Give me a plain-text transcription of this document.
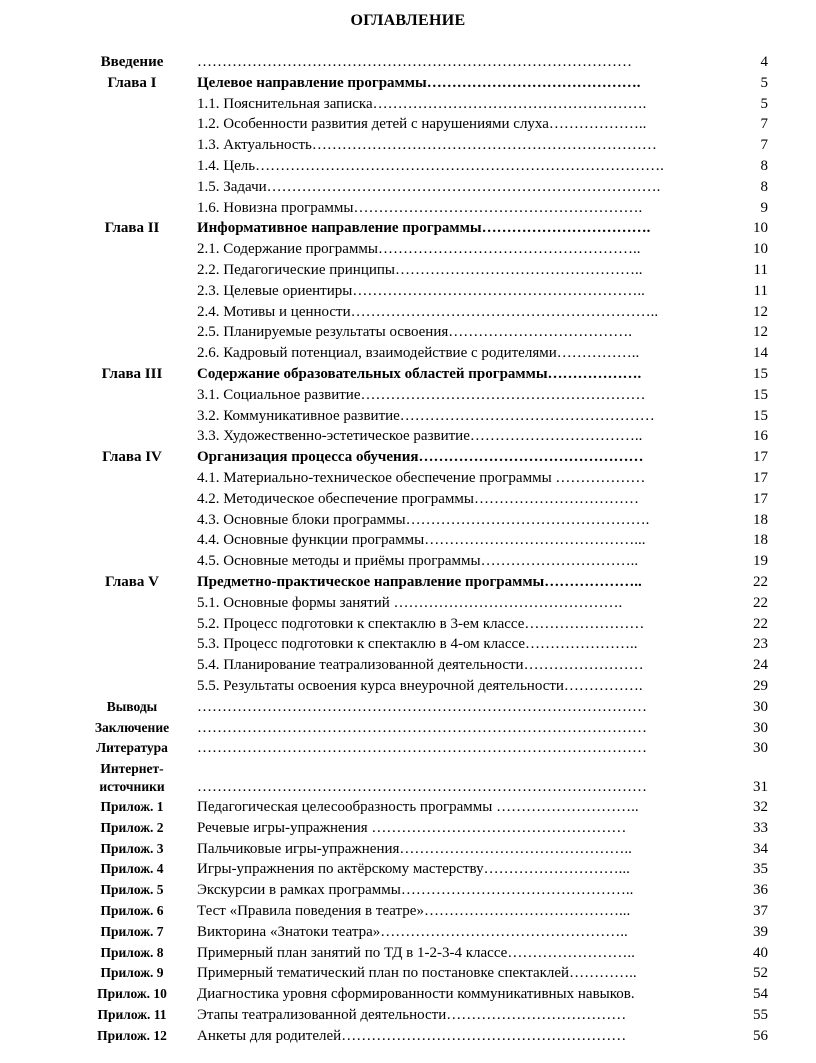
ОГЛАВЛЕНИЕ
Введение	……………………………………………………………………………	4
Глава I	Целевое направление программы…………………………………….	5
1.1. Пояснительная записка……………………………………………….	5
1.2. Особенности развития детей с нарушениями слуха………………..	7
1.3. Актуальность……………………………………………………………	7
1.4. Цель……………………………………………………………………….	8
1.5. Задачи…………………………………………………………………….	8
1.6. Новизна программы………………………………………………….	9
Глава II	Информативное направление программы…………………………….	10
2.1. Содержание программы……………………………………………..	10
2.2. Педагогические принципы…………………………………………..	11
2.3. Целевые ориентиры…………………………………………………..	11
2.4. Мотивы и ценности……………………………………………………..	12
2.5. Планируемые результаты освоения……………………………….	12
2.6. Кадровый потенциал, взаимодействие с родителями……………..	14
Глава III	Содержание образовательных областей программы……………….	15
3.1. Социальное развитие…………………………………………………	15
3.2. Коммуникативное развитие……………………………………………	15
3.3. Художественно-эстетическое развитие……………………………..	16
Глава IV	Организация процесса обучения………………………………………	17
4.1. Материально-техническое обеспечение программы ………………	17
4.2. Методическое обеспечение программы……………………………	17
4.3. Основные блоки программы………………………………………….	18
4.4. Основные функции программы……………………………………...	18
4.5. Основные методы и приёмы программы…………………………..	19
Глава V	Предметно-практическое направление программы………………..	22
5.1. Основные формы занятий ……………………………………….	22
5.2. Процесс подготовки к спектаклю в 3-ем классе……………………	22
5.3. Процесс подготовки к спектаклю в 4-ом классе…………………..	23
5.4. Планирование театрализованной деятельности……………………	24
5.5. Результаты освоения курса внеурочной деятельности…………….	29
Выводы	………………………………………………………………………………	30
Заключение	………………………………………………………………………………	30
Литература	………………………………………………………………………………	30
Интернет-
источники	………………………………………………………………………………	31
Прилож. 1	Педагогическая целесообразность программы ………………………..	32
Прилож. 2	Речевые игры-упражнения ……………………………………………	33
Прилож. 3	Пальчиковые игры-упражнения………………………………………..	34
Прилож. 4	Игры-упражнения по актёрскому мастерству………………………...	35
Прилож. 5	Экскурсии в рамках программы………………………………………..	36
Прилож. 6	Тест «Правила поведения в театре»…………………………………...	37
Прилож. 7	Викторина «Знатоки театра»…………………………………………..	39
Прилож. 8	Примерный план занятий по ТД в 1-2-3-4 классе……………………..	40
Прилож. 9	Примерный тематический план по постановке спектаклей…………..	52
Прилож. 10	Диагностика уровня сформированности коммуникативных навыков.	54
Прилож. 11	Этапы театрализованной деятельности………………………………	55
Прилож. 12	Анкеты для родителей…………………………………………………	56
